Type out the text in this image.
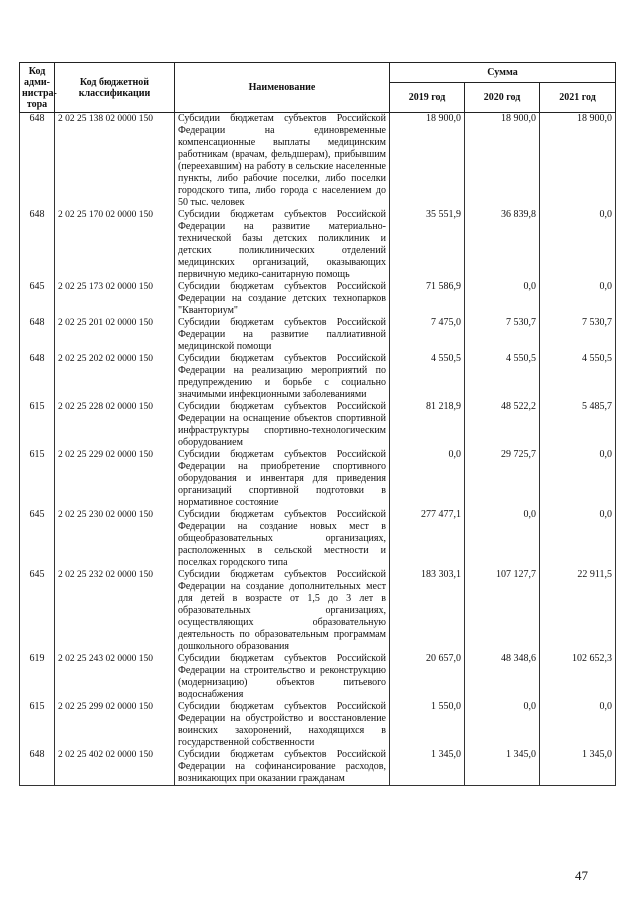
Код адми-нистра-тора	Код бюджетной классификации	Наименование	Сумма		
			2019 год	2020 год	2021 год
648	2 02 25 138 02 0000 150	Субсидии бюджетам субъектов Российской Федерации на единовременные компенсационные выплаты медицинским работникам (врачам, фельдшерам), прибывшим (переехавшим) на работу в сельские населенные пункты, либо рабочие поселки, либо поселки городского типа, либо города с населением до 50 тыс. человек	18 900,0	18 900,0	18 900,0
648	2 02 25 170 02 0000 150	Субсидии бюджетам субъектов Российской Федерации на развитие материально-технической базы детских поликлиник и детских поликлинических отделений медицинских организаций, оказывающих первичную медико-санитарную помощь	35 551,9	36 839,8	0,0
645	2 02 25 173 02 0000 150	Субсидии бюджетам субъектов Российской Федерации на создание детских технопарков "Кванториум"	71 586,9	0,0	0,0
648	2 02 25 201 02 0000 150	Субсидии бюджетам субъектов Российской Федерации на развитие паллиативной медицинской помощи	7 475,0	7 530,7	7 530,7
648	2 02 25 202 02 0000 150	Субсидии бюджетам субъектов Российской Федерации на реализацию мероприятий по предупреждению и борьбе с социально значимыми инфекционными заболеваниями	4 550,5	4 550,5	4 550,5
615	2 02 25 228 02 0000 150	Субсидии бюджетам субъектов Российской Федерации на оснащение объектов спортивной инфраструктуры спортивно-технологическим оборудованием	81 218,9	48 522,2	5 485,7
615	2 02 25 229 02 0000 150	Субсидии бюджетам субъектов Российской Федерации на приобретение спортивного оборудования и инвентаря для приведения организаций спортивной подготовки в нормативное состояние	0,0	29 725,7	0,0
645	2 02 25 230 02 0000 150	Субсидии бюджетам субъектов Российской Федерации на создание новых мест в общеобразовательных организациях, расположенных в сельской местности и поселках городского типа	277 477,1	0,0	0,0
645	2 02 25 232 02 0000 150	Субсидии бюджетам субъектов Российской Федерации на создание дополнительных мест для детей в возрасте от 1,5 до 3 лет в образовательных организациях, осуществляющих образовательную деятельность по образовательным программам дошкольного образования	183 303,1	107 127,7	22 911,5
619	2 02 25 243 02 0000 150	Субсидии бюджетам субъектов Российской Федерации на строительство и реконструкцию (модернизацию) объектов питьевого водоснабжения	20 657,0	48 348,6	102 652,3
615	2 02 25 299 02 0000 150	Субсидии бюджетам субъектов Российской Федерации на обустройство и восстановление воинских захоронений, находящихся в государственной собственности	1 550,0	0,0	0,0
648	2 02 25 402 02 0000 150	Субсидии бюджетам субъектов Российской Федерации на софинансирование расходов, возникающих при оказании гражданам	1 345,0	1 345,0	1 345,0
47
